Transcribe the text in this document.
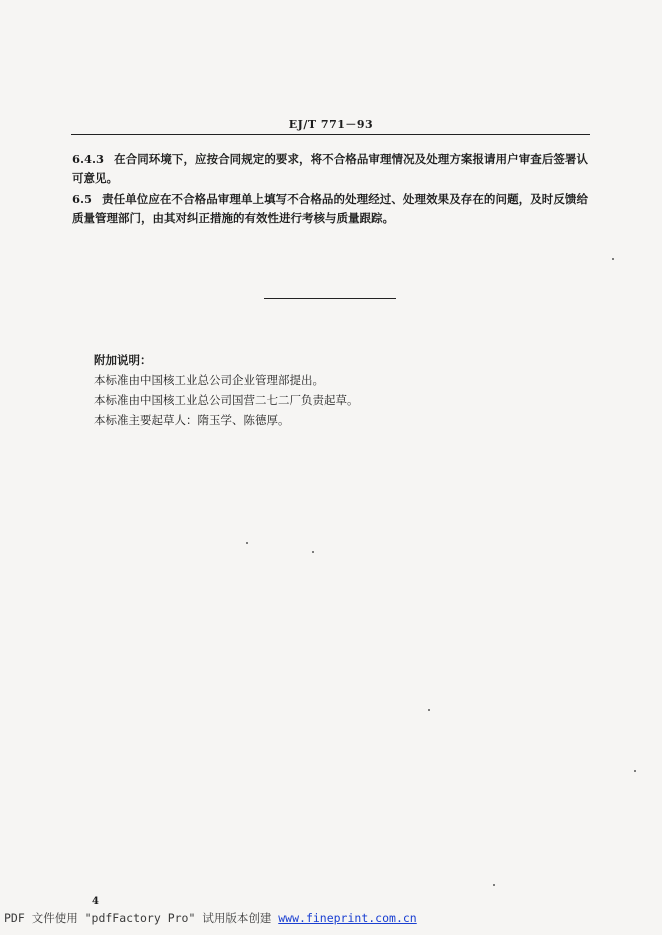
EJ/T 771－93
6.4.3 在合同环境下，应按合同规定的要求，将不合格品审理情况及处理方案报请用户审查后签署认可意见。
6.5 责任单位应在不合格品审理单上填写不合格品的处理经过、处理效果及存在的问题，及时反馈给质量管理部门，由其对纠正措施的有效性进行考核与质量跟踪。
附加说明：
本标准由中国核工业总公司企业管理部提出。
本标准由中国核工业总公司国营二七二厂负责起草。
本标准主要起草人：隋玉学、陈德厚。
4
PDF 文件使用 "pdfFactory Pro" 试用版本创建 www.fineprint.com.cn
